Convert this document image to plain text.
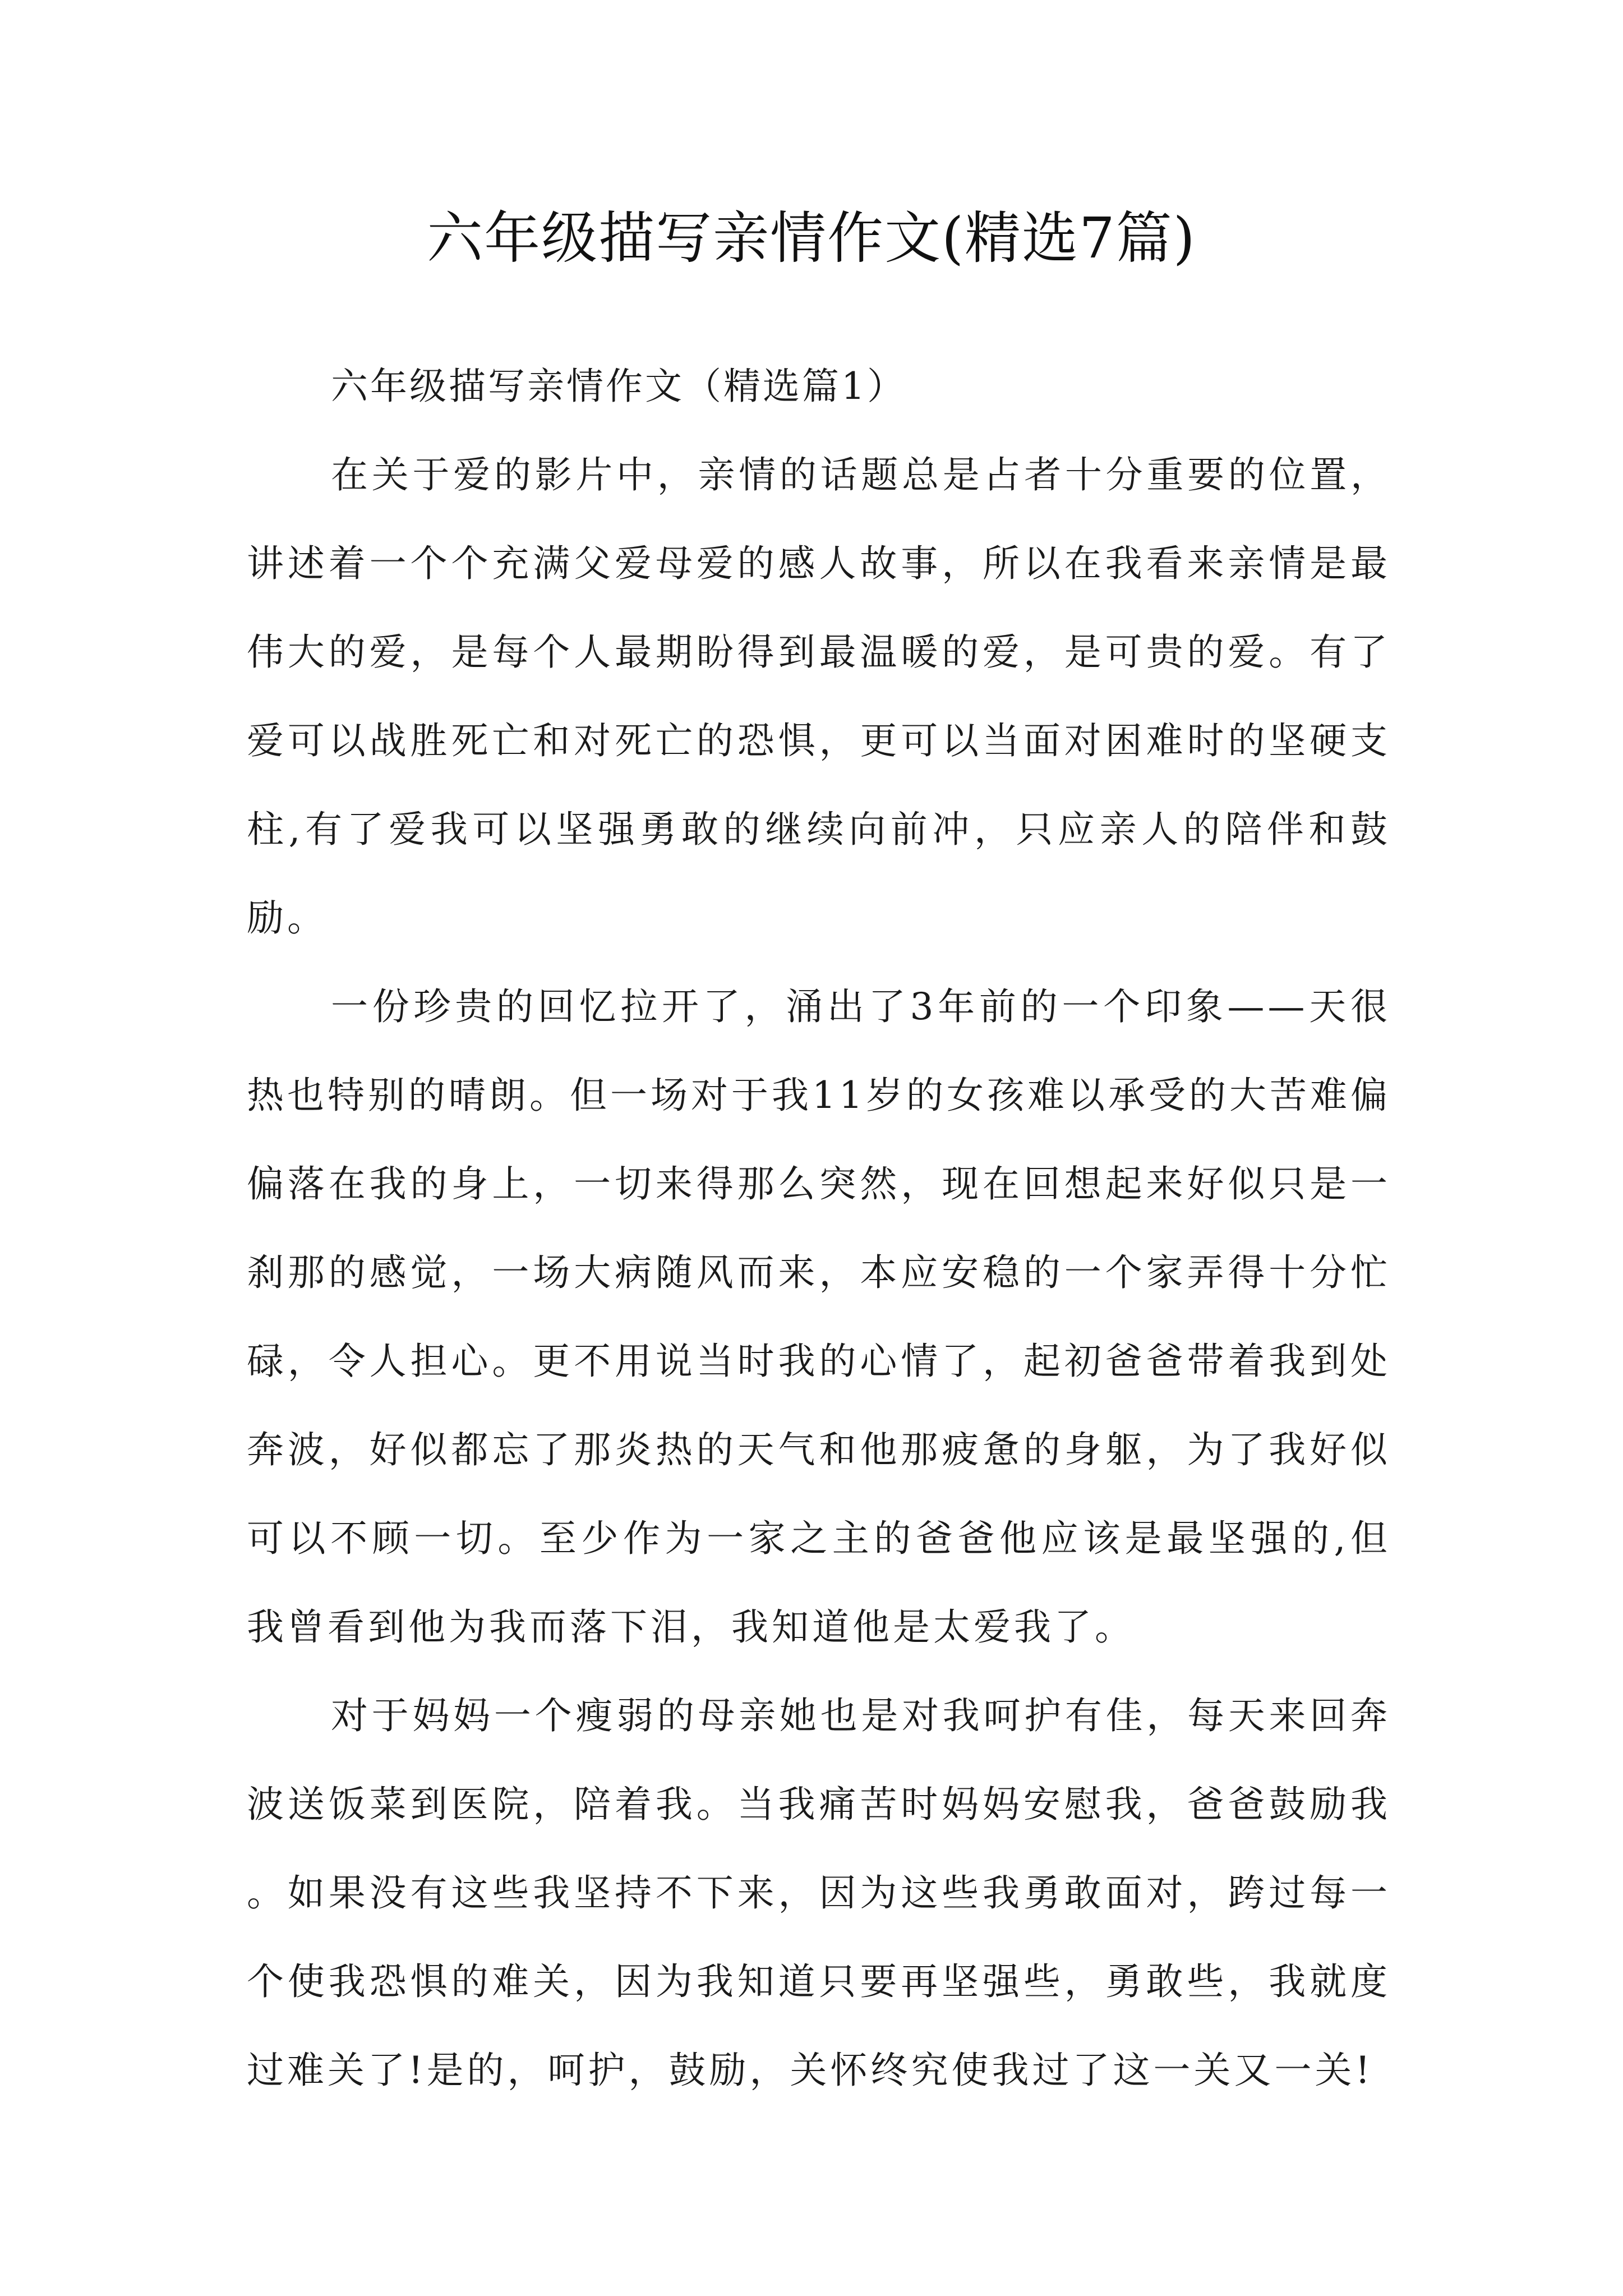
六年级描写亲情作文(精选7篇)

六年级描写亲情作文（精选篇1）

在关于爱的影片中，亲情的话题总是占者十分重要的位置，讲述着一个个充满父爱母爱的感人故事，所以在我看来亲情是最伟大的爱，是每个人最期盼得到最温暖的爱，是可贵的爱。有了爱可以战胜死亡和对死亡的恐惧，更可以当面对困难时的坚硬支柱,有了爱我可以坚强勇敢的继续向前冲，只应亲人的陪伴和鼓励。

一份珍贵的回忆拉开了，涌出了3年前的一个印象——天很热也特别的晴朗。但一场对于我11岁的女孩难以承受的大苦难偏偏落在我的身上，一切来得那么突然，现在回想起来好似只是一刹那的感觉，一场大病随风而来，本应安稳的一个家弄得十分忙碌，令人担心。更不用说当时我的心情了，起初爸爸带着我到处奔波，好似都忘了那炎热的天气和他那疲惫的身躯，为了我好似可以不顾一切。至少作为一家之主的爸爸他应该是最坚强的,但我曾看到他为我而落下泪，我知道他是太爱我了。

对于妈妈一个瘦弱的母亲她也是对我呵护有佳，每天来回奔波送饭菜到医院，陪着我。当我痛苦时妈妈安慰我，爸爸鼓励我。如果没有这些我坚持不下来，因为这些我勇敢面对，跨过每一个使我恐惧的难关，因为我知道只要再坚强些，勇敢些，我就度过难关了!是的，呵护，鼓励，关怀终究使我过了这一关又一关!
